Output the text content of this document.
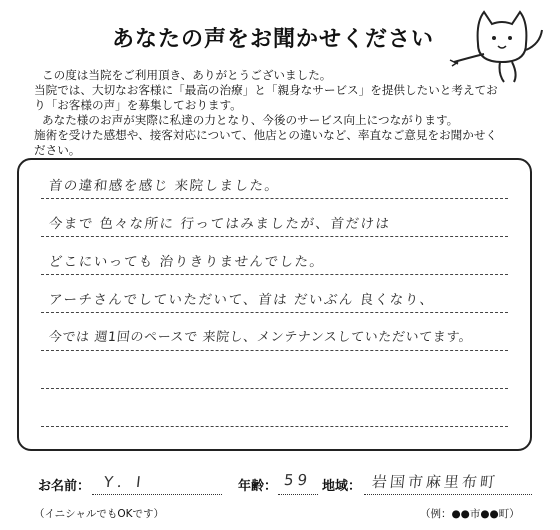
あなたの声をお聞かせください

この度は当院をご利用頂き、ありがとうございました。

当院では、大切なお客様に「最高の治療」と「親身なサービス」を提供したいと考えてお

り「お客様の声」を募集しております。

あなた様のお声が実際に私達の力となり、今後のサービス向上につながります。

施術を受けた感想や、接客対応について、他店との違いなど、率直なご意見をお聞かせく

ださい。

首の違和感を感じ 来院しました。
今まで 色々な所に 行ってはみましたが、首だけは
どこにいっても 治りきりませんでした。
アーチさんでしていただいて、首は だいぶん 良くなり、
今では 週1回のペースで 来院し、メンテナンスしていただいてます。
お名前： Y．I	年齢： 59 地域： 岩国市麻里布町
（イニシャルでもOKです）	（例：●●市●●町）
